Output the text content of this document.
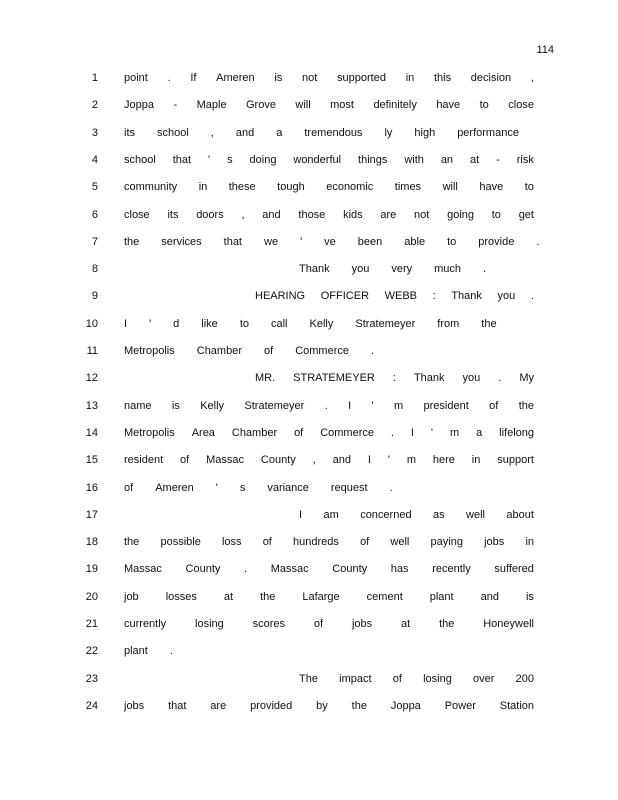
114
1 point . If Ameren is not supported in this decision ,
2 Joppa - Maple Grove will most definitely have to close
3 its school , and a tremendous ly high performance
4 school that ' s doing wonderful things with an at - risk
5 community in these tough economic times will have to
6 close its doors , and those kids are not going to get
7 the services that we ' ve been able to provide .
8	Thank you very much .
9	HEARING OFFICER WEBB : Thank you .
10 I ' d like to call Kelly Stratemeyer from the
11 Metropolis Chamber of Commerce .
12	MR. STRATEMEYER : Thank you . My
13 name is Kelly Stratemeyer . I ' m president of the
14 Metropolis Area Chamber of Commerce . I ' m a lifelong
15 resident of Massac County , and I ' m here in support
16 of Ameren ' s variance request .
17	I am concerned as well about
18 the possible loss of hundreds of well paying jobs in
19 Massac County . Massac County has recently suffered
20 job losses at the Lafarge cement plant and is
21 currently	losing	scores	of	jobs	at	the	Honeywell
22 plant .
23	The impact of losing over 200
24 jobs that are provided by the Joppa Power Station
